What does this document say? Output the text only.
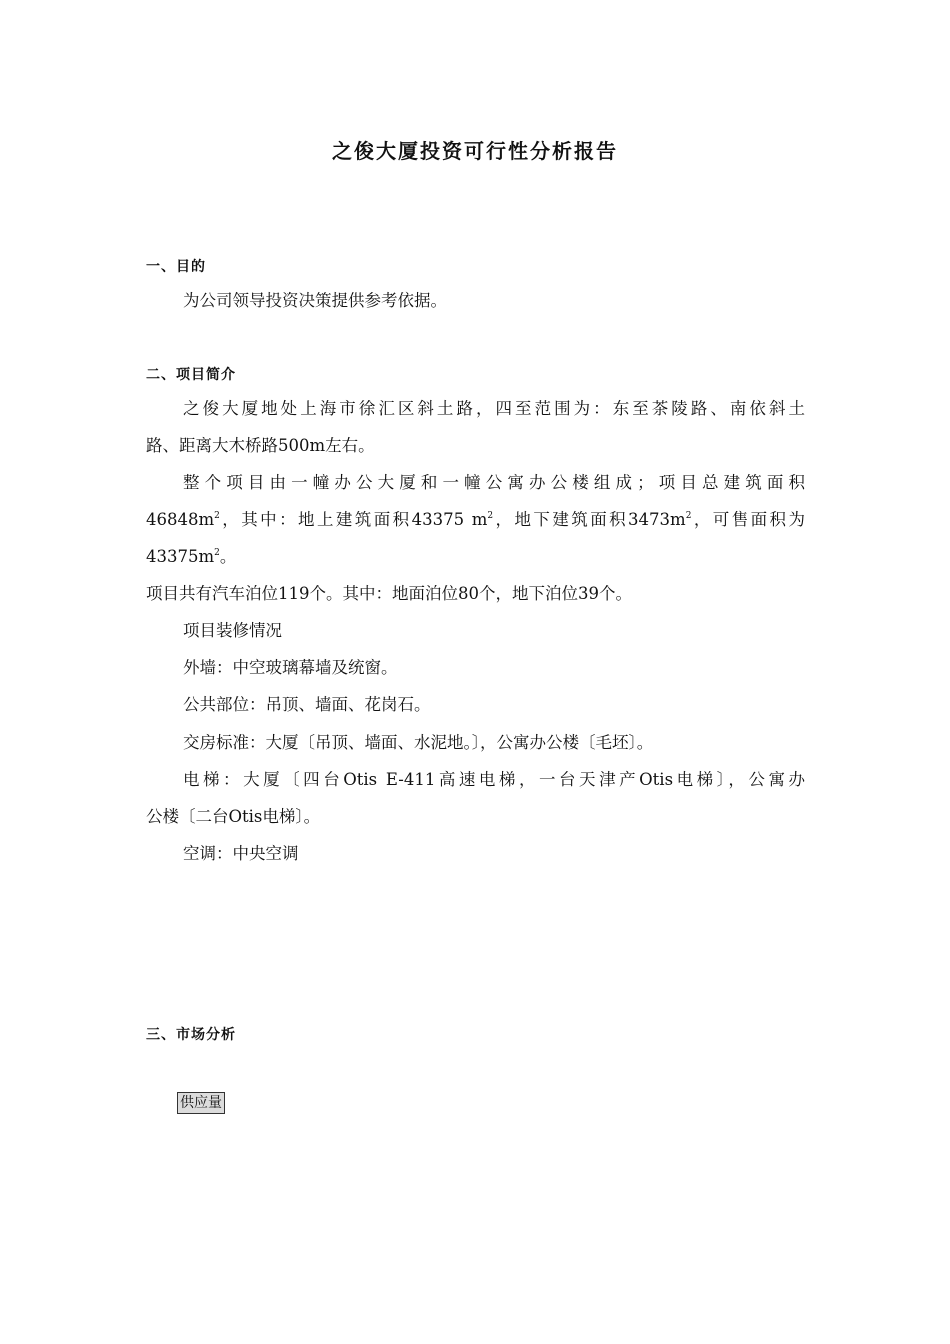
之俊大厦投资可行性分析报告
一、目的
为公司领导投资决策提供参考依据。
二、项目简介
之俊大厦地处上海市徐汇区斜土路，四至范围为：东至茶陵路、南依斜土
路、距离大木桥路500m左右。
整个项目由一幢办公大厦和一幢公寓办公楼组成；项目总建筑面积
$46848m^2$，其中：地上建筑面积43375 $m^2$，地下建筑面积$3473m^2$，可售面积为
$43375m^2$。
项目共有汽车泊位119个。其中：地面泊位80个，地下泊位39个。
项目装修情况
外墙：中空玻璃幕墙及统窗。
公共部位：吊顶、墙面、花岗石。
交房标准：大厦〔吊顶、墙面、水泥地。〕，公寓办公楼〔毛坯〕。
电梯：大厦〔四台Otis E-411高速电梯，一台天津产Otis电梯〕，公寓办
公楼〔二台Otis电梯〕。
空调：中央空调
三、市场分析
供应量
